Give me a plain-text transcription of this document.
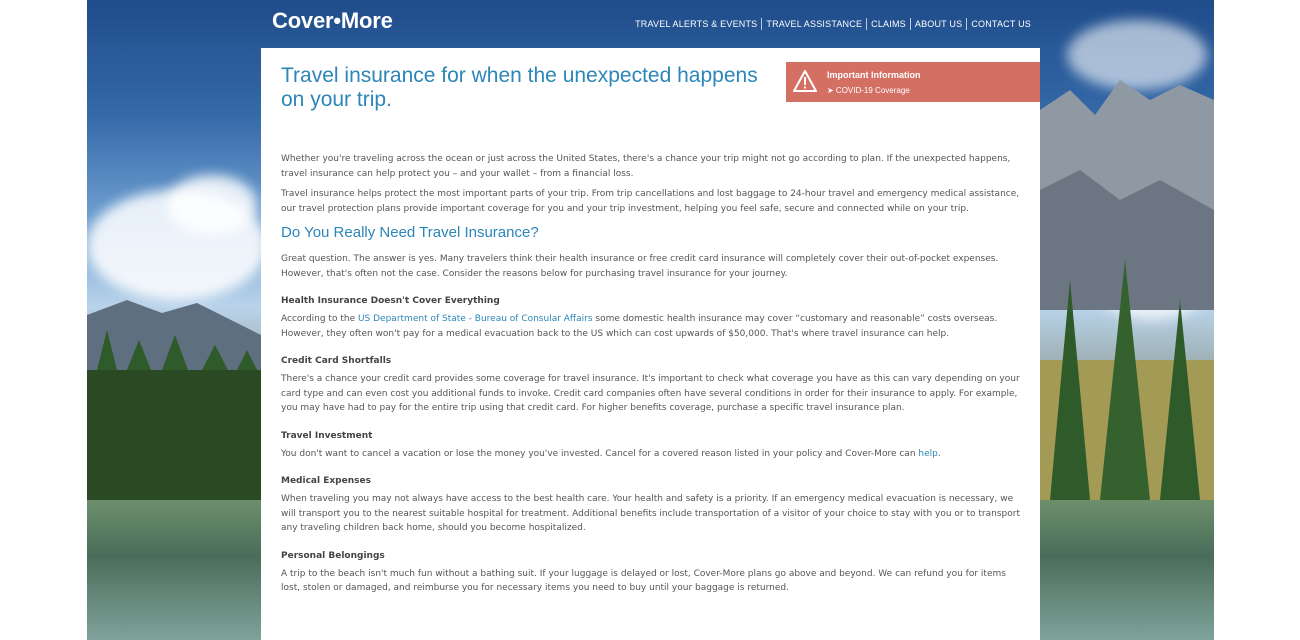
Cover•More	TRAVEL ALERTS & EVENTS	TRAVEL ASSISTANCE	CLAIMS	ABOUT US	CONTACT US
Travel insurance for when the unexpected happens on your trip.
Important Information
➤ COVID-19 Coverage

Whether you're traveling across the ocean or just across the United States, there's a chance your trip might not go according to plan. If the unexpected happens, travel insurance can help protect you – and your wallet – from a financial loss.

Travel insurance helps protect the most important parts of your trip. From trip cancellations and lost baggage to 24-hour travel and emergency medical assistance, our travel protection plans provide important coverage for you and your trip investment, helping you feel safe, secure and connected while on your trip.

Do You Really Need Travel Insurance?

Great question. The answer is yes. Many travelers think their health insurance or free credit card insurance will completely cover their out-of-pocket expenses. However, that's often not the case. Consider the reasons below for purchasing travel insurance for your journey.

Health Insurance Doesn't Cover Everything

According to the US Department of State - Bureau of Consular Affairs some domestic health insurance may cover “customary and reasonable” costs overseas. However, they often won't pay for a medical evacuation back to the US which can cost upwards of $50,000. That's where travel insurance can help.

Credit Card Shortfalls

There's a chance your credit card provides some coverage for travel insurance. It's important to check what coverage you have as this can vary depending on your card type and can even cost you additional funds to invoke. Credit card companies often have several conditions in order for their insurance to apply. For example, you may have had to pay for the entire trip using that credit card. For higher benefits coverage, purchase a specific travel insurance plan.

Travel Investment

You don't want to cancel a vacation or lose the money you've invested. Cancel for a covered reason listed in your policy and Cover-More can help.

Medical Expenses

When traveling you may not always have access to the best health care. Your health and safety is a priority. If an emergency medical evacuation is necessary, we will transport you to the nearest suitable hospital for treatment. Additional benefits include transportation of a visitor of your choice to stay with you or to transport any traveling children back home, should you become hospitalized.

Personal Belongings

A trip to the beach isn't much fun without a bathing suit. If your luggage is delayed or lost, Cover-More plans go above and beyond. We can refund you for items lost, stolen or damaged, and reimburse you for necessary items you need to buy until your baggage is returned.
